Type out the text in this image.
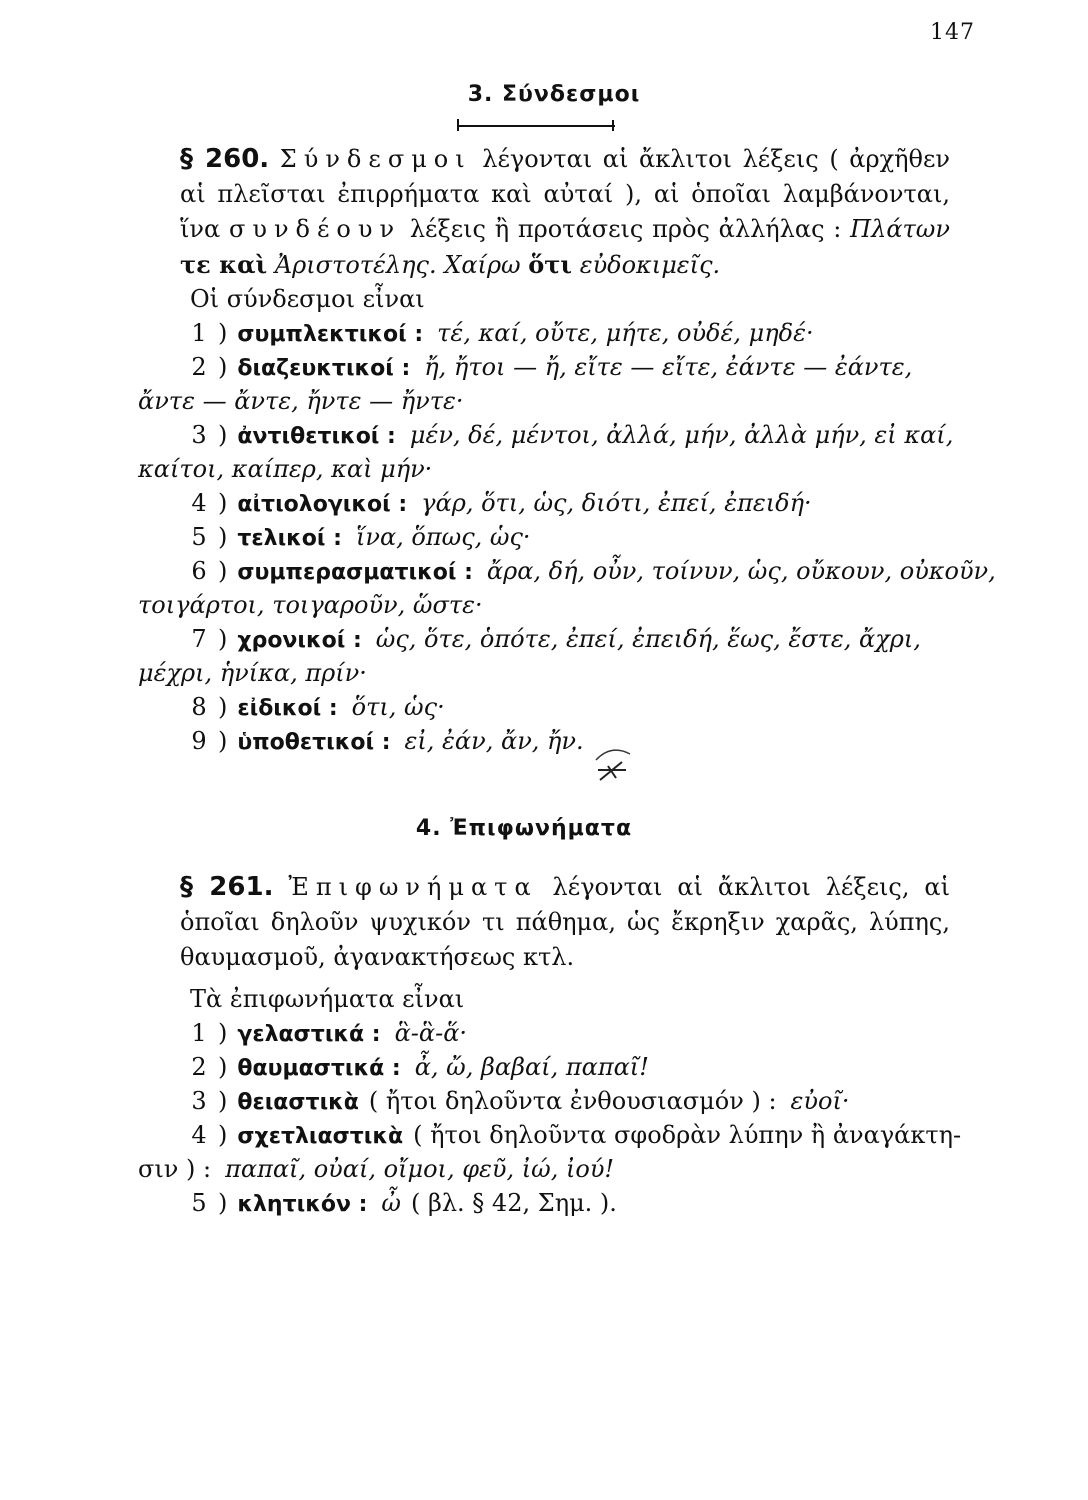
147
3. Σύνδεσμοι
§ 260. Σύνδεσμοι λέγονται αἱ ἄκλιτοι λέξεις ( ἀρχῆθεν αἱ πλεῖσται ἐπιρρήματα καὶ αὐταί ), αἱ ὁποῖαι λαμβάνονται, ἵνα συνδέουν λέξεις ἢ προτάσεις πρὸς ἀλλήλας : Πλάτων τε καὶ Ἀριστοτέλης. Χαίρω ὅτι εὐδοκιμεῖς.
Οἱ σύνδεσμοι εἶναι
1 ) συμπλεκτικοί : τέ, καί, οὔτε, μήτε, οὐδέ, μηδέ·
2 ) διαζευκτικοί : ἤ, ἤτοι — ἤ, εἴτε — εἴτε, ἐάντε — ἐάντε,
ἄντε — ἄντε, ἤντε — ἤντε·
3 ) ἀντιθετικοί : μέν, δέ, μέντοι, ἀλλά, μήν, ἀλλὰ μήν, εἰ καί,
καίτοι, καίπερ, καὶ μήν·
4 ) αἰτιολογικοί : γάρ, ὅτι, ὡς, διότι, ἐπεί, ἐπειδή·
5 ) τελικοί : ἵνα, ὅπως, ὡς·
6 ) συμπερασματικοί : ἄρα, δή, οὖν, τοίνυν, ὡς, οὔκουν, οὐκοῦν,
τοιγάρτοι, τοιγαροῦν, ὥστε·
7 ) χρονικοί : ὡς, ὅτε, ὁπότε, ἐπεί, ἐπειδή, ἕως, ἔστε, ἄχρι,
μέχρι, ἡνίκα, πρίν·
8 ) εἰδικοί : ὅτι, ὡς·
9 ) ὑποθετικοί : εἰ, ἐάν, ἄν, ἤν.
4. Ἐπιφωνήματα
§ 261. Ἐπιφωνήματα λέγονται αἱ ἄκλιτοι λέξεις, αἱ ὁποῖαι δηλοῦν ψυχικόν τι πάθημα, ὡς ἔκρηξιν χαρᾶς, λύπης, θαυμασμοῦ, ἀγανακτήσεως κτλ.
Τὰ ἐπιφωνήματα εἶναι
1 ) γελαστικά : ἃ-ἃ-ἅ·
2 ) θαυμαστικά : ἆ, ὤ, βαβαί, παπαῖ!
3 ) θειαστικὰ ( ἤτοι δηλοῦντα ἐνθουσιασμόν ) : εὐοῖ·
4 ) σχετλιαστικὰ ( ἤτοι δηλοῦντα σφοδρὰν λύπην ἢ ἀναγάκτη-
σιν ) : παπαῖ, οὐαί, οἴμοι, φεῦ, ἰώ, ἰού!
5 ) κλητικόν : ὦ ( βλ. § 42, Σημ. ).
